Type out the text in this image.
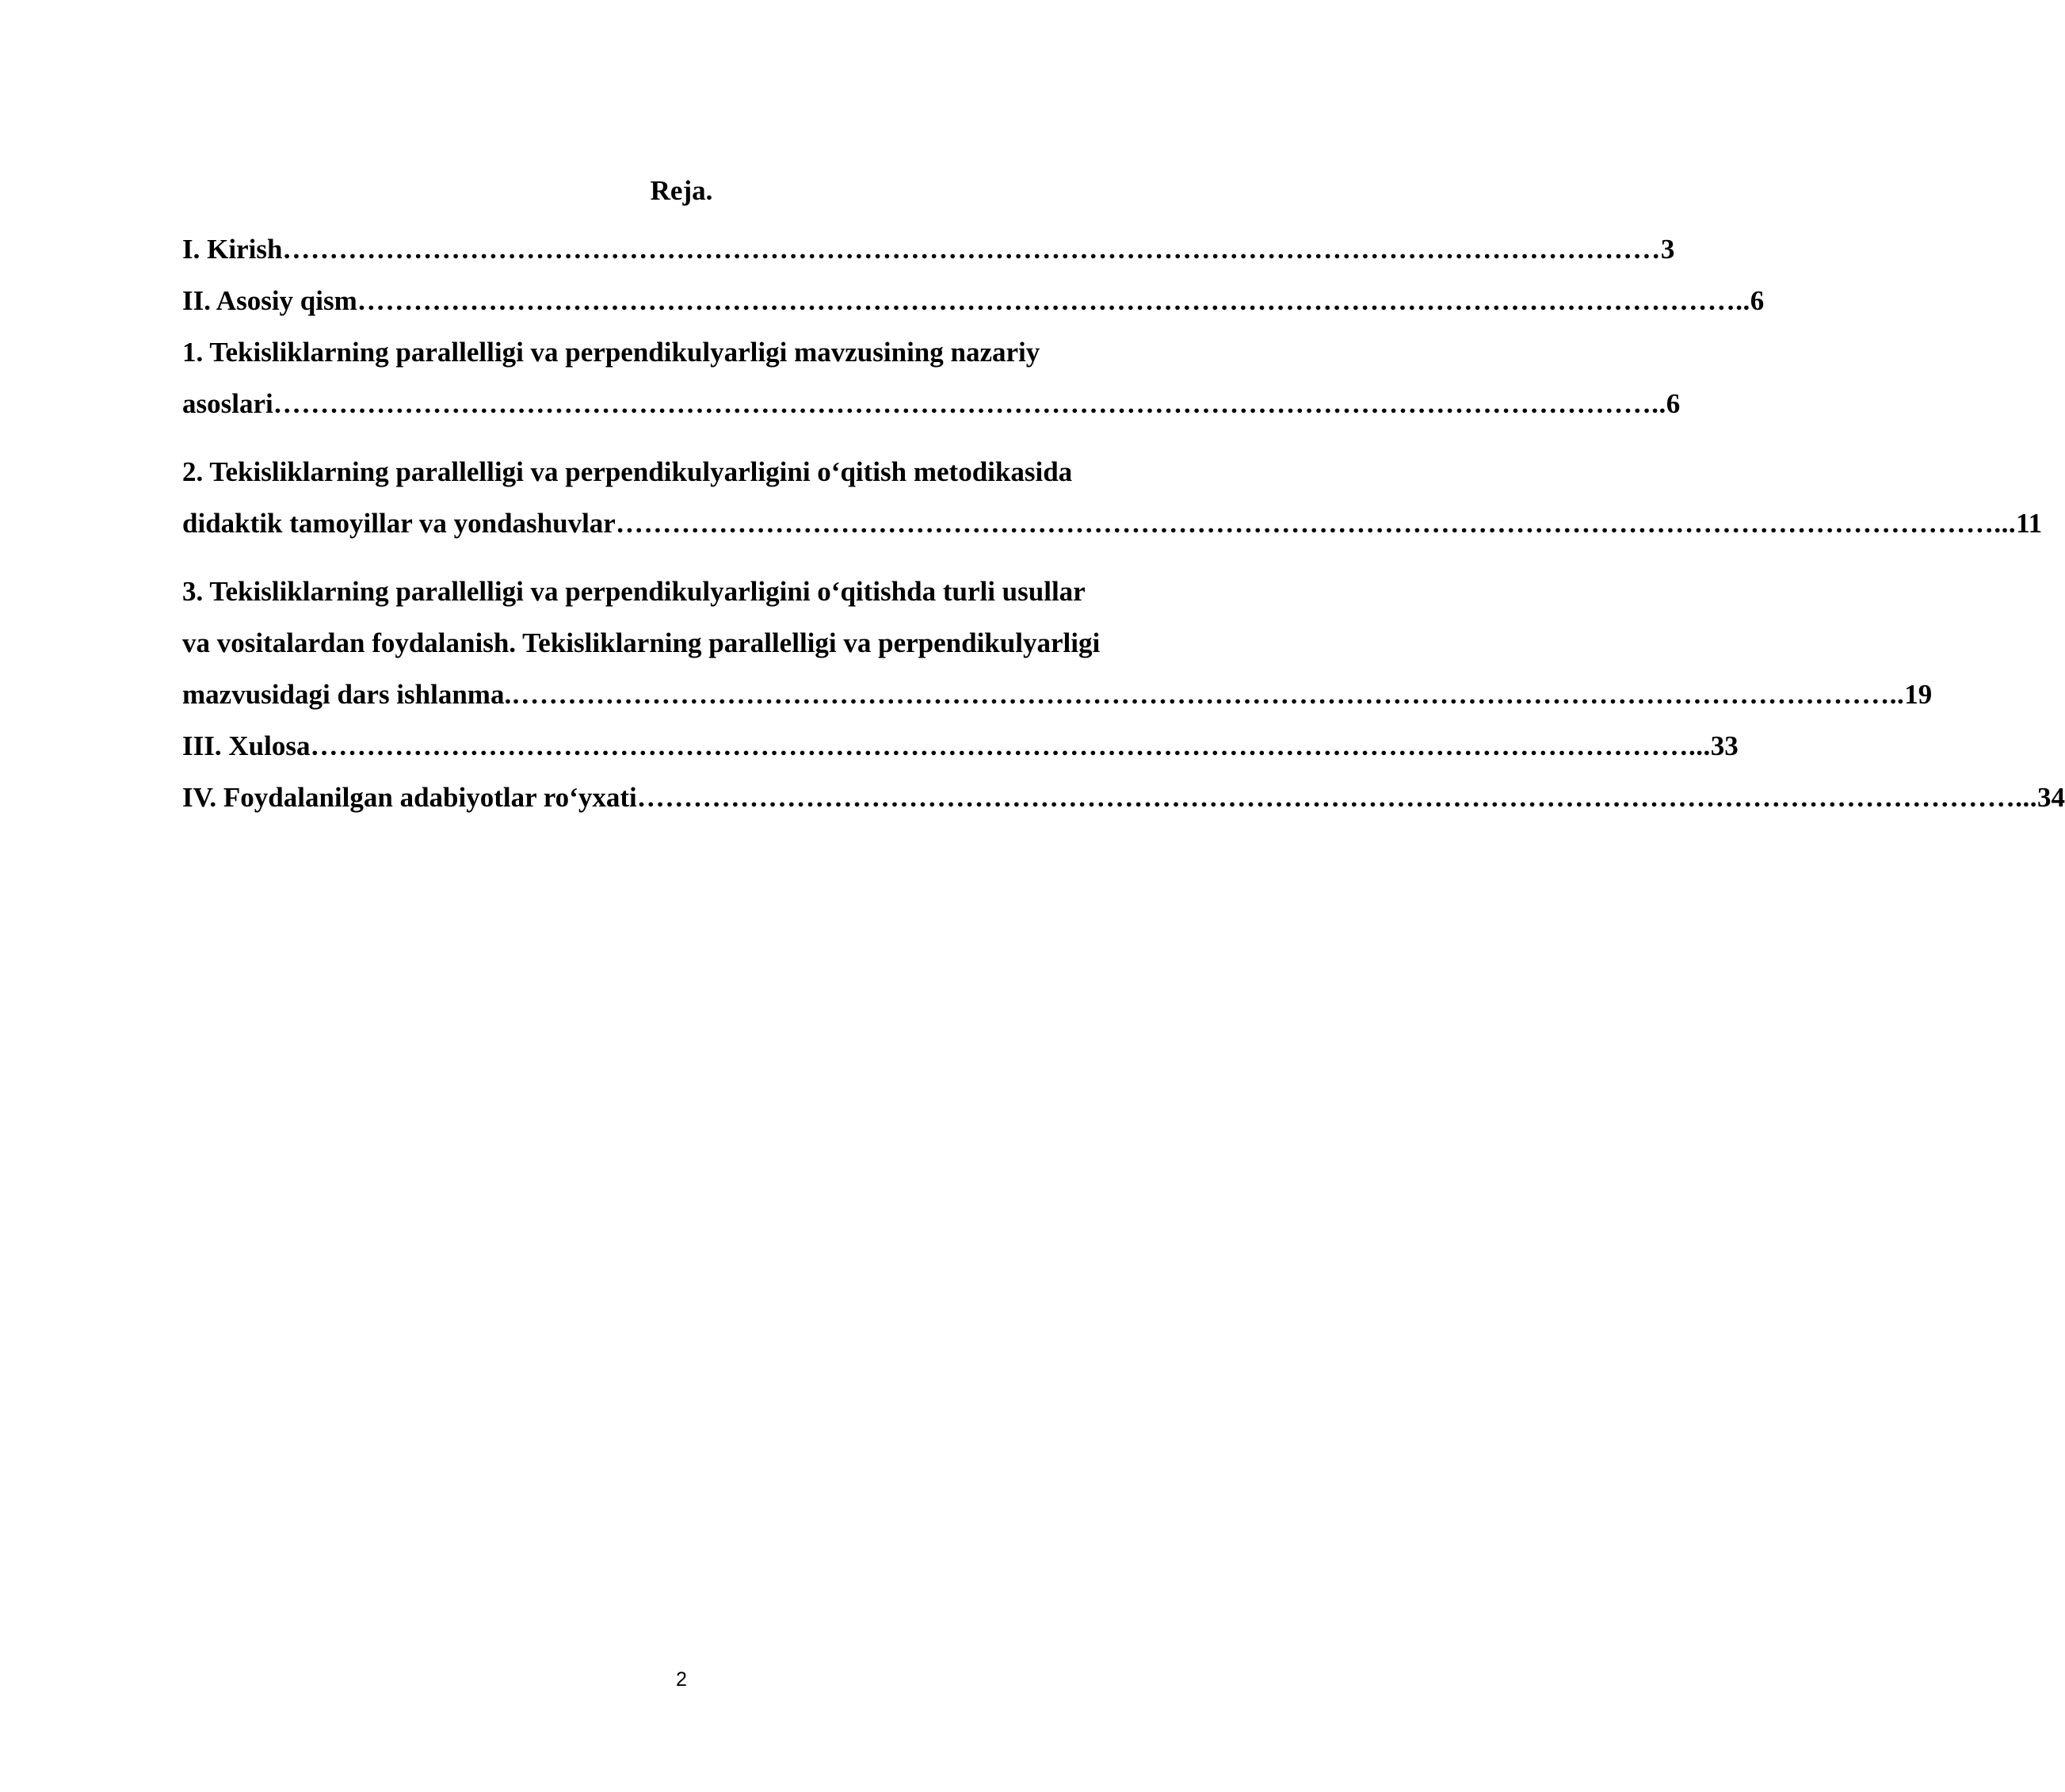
Reja.
I. Kirish ………………………………………………………………………………………………………………………………… 3
II. Asosiy qism ………………………………………………………………………………………………………………………………….. 6
1. Tekisliklarning parallelligi va perpendikulyarligi mavzusining nazariy
asoslari ………………………………………………………………………………………………………………………………….. 6
2. Tekisliklarning parallelligi va perpendikulyarligini o‘qitish metodikasida
didaktik tamoyillar va yondashuvlar …………………………………………………………………………………………………………………………………... 11
3. Tekisliklarning parallelligi va perpendikulyarligini o‘qitishda turli usullar
va vositalardan foydalanish. Tekisliklarning parallelligi va perpendikulyarligi
mazvusidagi dars ishlanma. ………………………………………………………………………………………………………………………………….. 19
III. Xulosa …………………………………………………………………………………………………………………………………... 33
IV. Foydalanilgan adabiyotlar ro‘yxati …………………………………………………………………………………………………………………………………... 34
2
